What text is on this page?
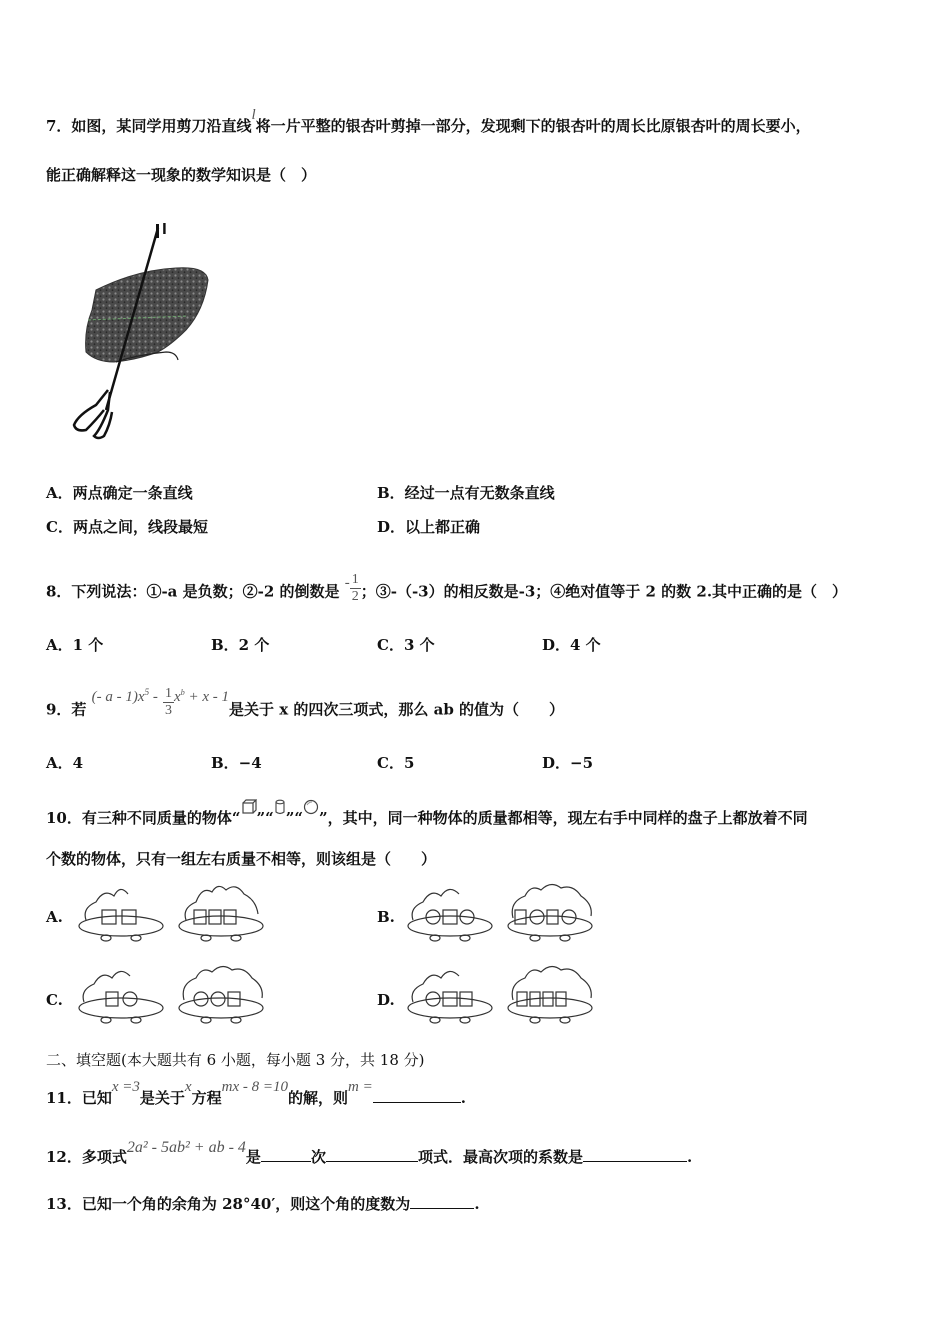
7．如图，某同学用剪刀沿直线l将一片平整的银杏叶剪掉一部分，发现剩下的银杏叶的周长比原银杏叶的周长要小，
能正确解释这一现象的数学知识是（　）
l
A．两点确定一条直线	B．经过一点有无数条直线
C．两点之间，线段最短	D．以上都正确
8．下列说法：①-a 是负数；②-2 的倒数是 - $\frac{1}{2}$ ；③-（-3）的相反数是-3；④绝对值等于 2 的数 2.其中正确的是（　）
A．1 个	B．2 个	C．3 个	D．4 个
9．若 (- $a - 1)x^5 - \frac{1}{3} x^b + x - 1$是关于 x 的四次三项式，那么 ab 的值为（　　）
A．4	B．−4	C．5	D．−5
10．有三种不同质量的物体“ ”“ ”“ ”，其中，同一种物体的质量都相等，现左右手中同样的盘子上都放着不同
个数的物体，只有一组左右质量不相等，则该组是（　　）
A.	B.
C.	D.
二、填空题(本大题共有 6 小题，每小题 3 分，共 18 分)
11．已知x =3是关于x方程mx - 8 =10的解，则m =.
12．多项式2a² - 5ab² + ab - 4是	次	项式．最高次项的系数是	.
13．已知一个角的余角为 28°40′，则这个角的度数为	.
